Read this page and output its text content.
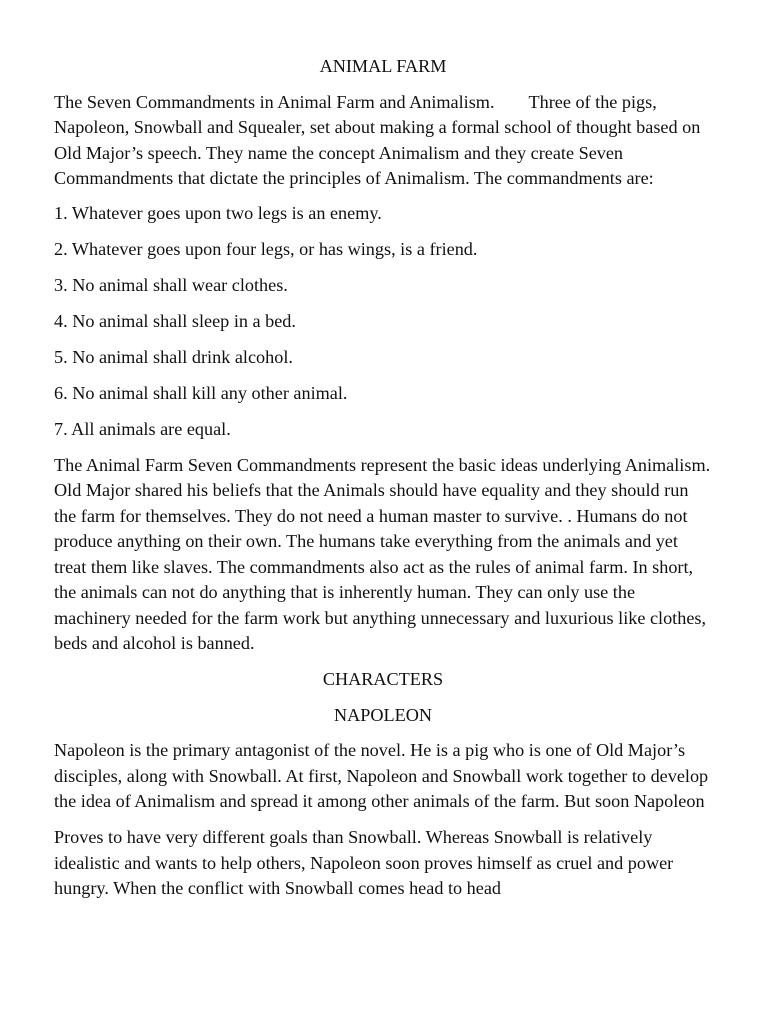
ANIMAL FARM
The Seven Commandments in Animal Farm and Animalism. Three of the pigs, Napoleon, Snowball and Squealer, set about making a formal school of thought based on Old Major’s speech. They name the concept Animalism and they create Seven Commandments that dictate the principles of Animalism. The commandments are:
1. Whatever goes upon two legs is an enemy.
2. Whatever goes upon four legs, or has wings, is a friend.
3. No animal shall wear clothes.
4. No animal shall sleep in a bed.
5. No animal shall drink alcohol.
6. No animal shall kill any other animal.
7. All animals are equal.
The Animal Farm Seven Commandments represent the basic ideas underlying Animalism. Old Major shared his beliefs that the Animals should have equality and they should run the farm for themselves. They do not need a human master to survive. . Humans do not produce anything on their own. The humans take everything from the animals and yet treat them like slaves. The commandments also act as the rules of animal farm. In short, the animals can not do anything that is inherently human. They can only use the machinery needed for the farm work but anything unnecessary and luxurious like clothes, beds and alcohol is banned.
CHARACTERS
NAPOLEON
Napoleon is the primary antagonist of the novel. He is a pig who is one of Old Major’s disciples, along with Snowball. At first, Napoleon and Snowball work together to develop the idea of Animalism and spread it among other animals of the farm. But soon Napoleon
Proves to have very different goals than Snowball. Whereas Snowball is relatively idealistic and wants to help others, Napoleon soon proves himself as cruel and power hungry. When the conflict with Snowball comes head to head
